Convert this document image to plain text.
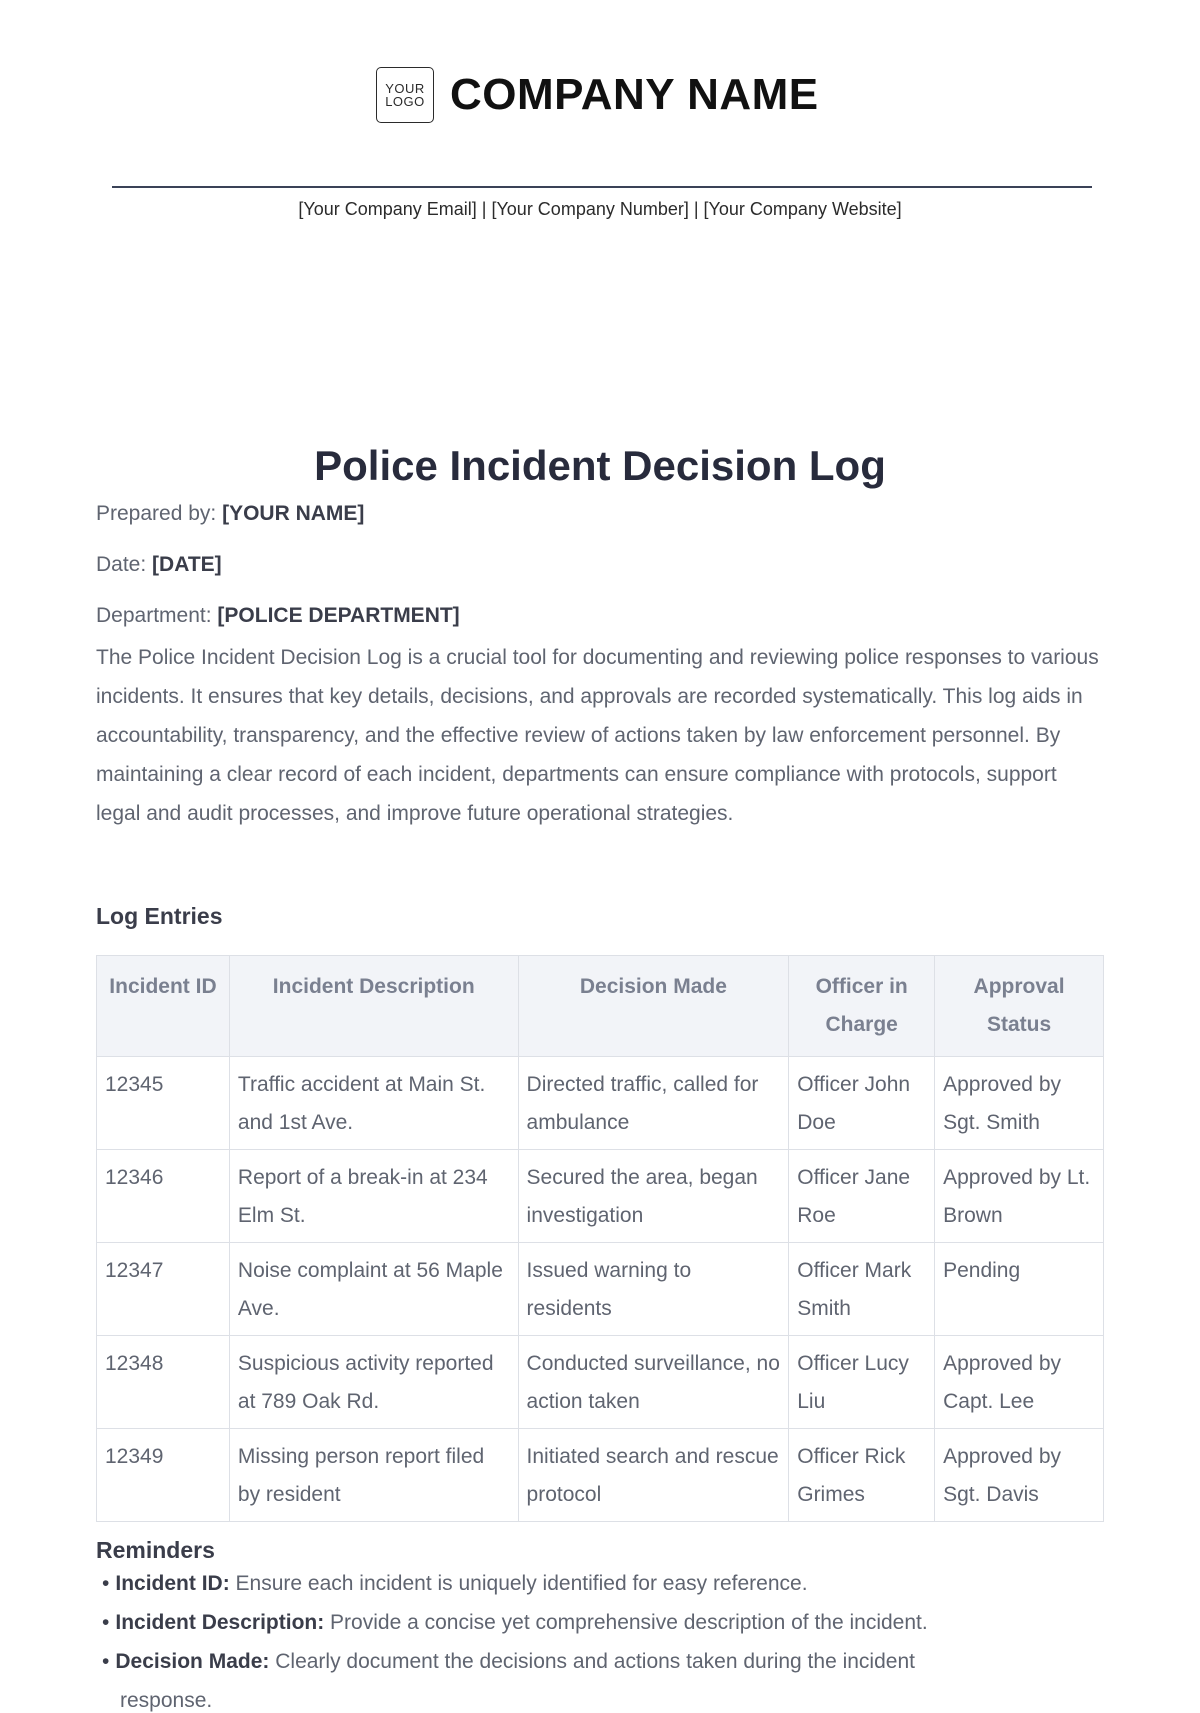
YOUR
LOGO COMPANY NAME
[Your Company Email] | [Your Company Number] | [Your Company Website]
Police Incident Decision Log
Prepared by: [YOUR NAME]
Date: [DATE]
Department: [POLICE DEPARTMENT]

The Police Incident Decision Log is a crucial tool for documenting and reviewing police responses to various incidents. It ensures that key details, decisions, and approvals are recorded systematically. This log aids in accountability, transparency, and the effective review of actions taken by law enforcement personnel. By maintaining a clear record of each incident, departments can ensure compliance with protocols, support legal and audit processes, and improve future operational strategies.

Log Entries
Incident ID	Incident Description	Decision Made	Officer in Charge	Approval Status
12345	Traffic accident at Main St. and 1st Ave.	Directed traffic, called for ambulance	Officer John Doe	Approved by Sgt. Smith
12346	Report of a break-in at 234 Elm St.	Secured the area, began investigation	Officer Jane Roe	Approved by Lt. Brown
12347	Noise complaint at 56 Maple Ave.	Issued warning to residents	Officer Mark Smith	Pending
12348	Suspicious activity reported at 789 Oak Rd.	Conducted surveillance, no action taken	Officer Lucy Liu	Approved by Capt. Lee
12349	Missing person report filed by resident	Initiated search and rescue protocol	Officer Rick Grimes	Approved by Sgt. Davis
Reminders
• Incident ID: Ensure each incident is uniquely identified for easy reference.
• Incident Description: Provide a concise yet comprehensive description of the incident.
• Decision Made: Clearly document the decisions and actions taken during the incident
response.
